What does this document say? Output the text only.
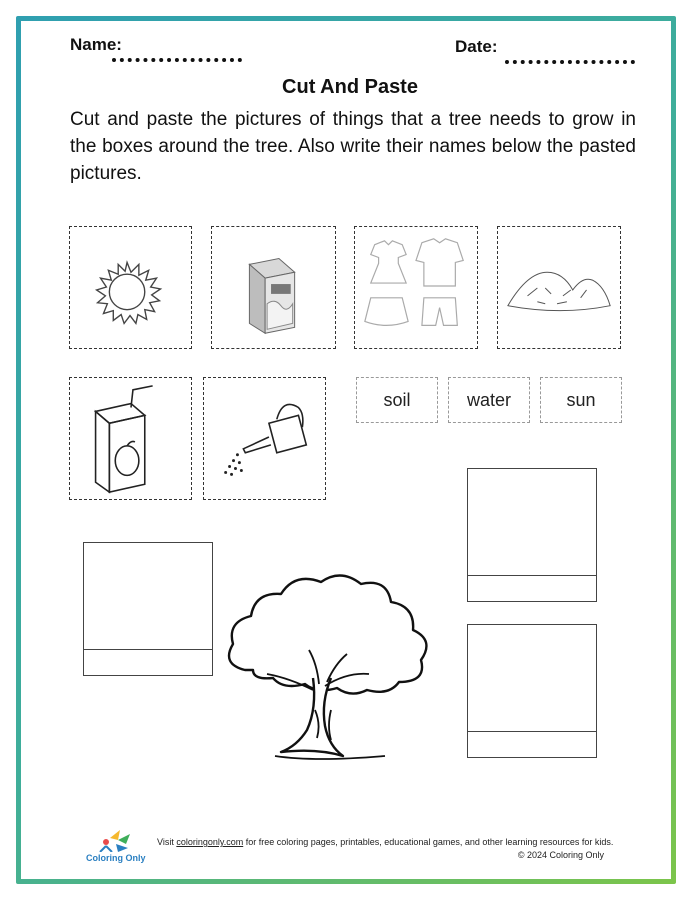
Name:	Date:
Cut And Paste
Cut and paste the pictures of things that a tree needs to grow in the boxes around the tree. Also write their names below the pasted pictures.
soil	water	sun
Coloring Only
Visit coloringonly.com for free coloring pages, printables, educational games, and other learning resources for kids.
© 2024 Coloring Only
